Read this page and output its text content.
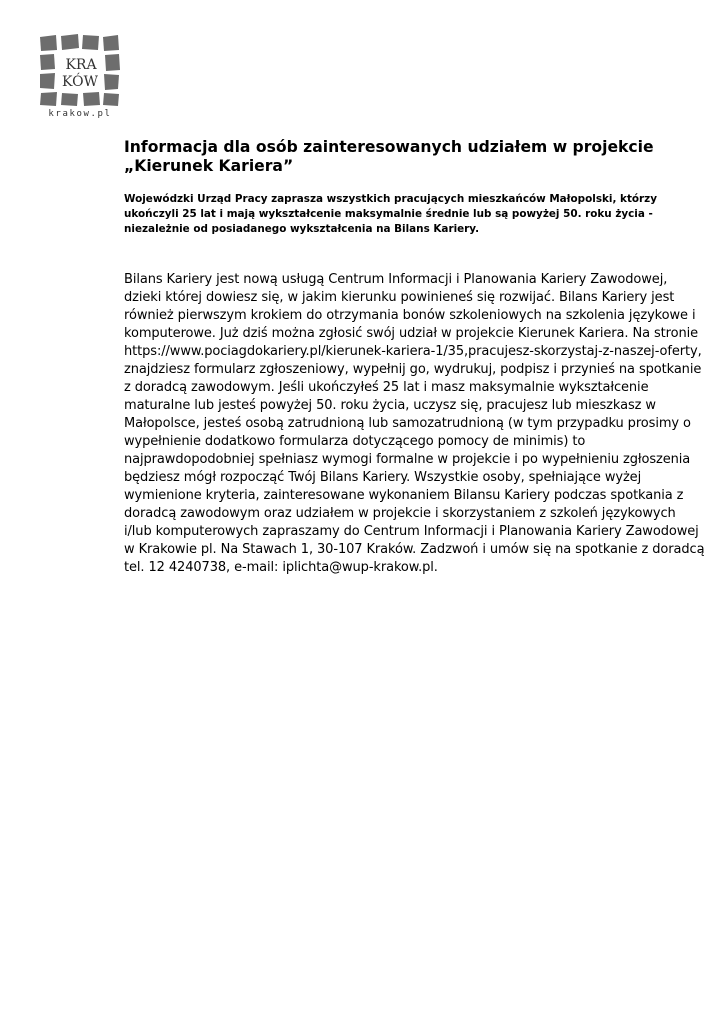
KRA
KÓW
krakow.pl
Informacja dla osób zainteresowanych udziałem w projekcie „Kierunek Kariera”

Wojewódzki Urząd Pracy zaprasza wszystkich pracujących mieszkańców Małopolski, którzy ukończyli 25 lat i mają wykształcenie maksymalnie średnie lub są powyżej 50. roku życia - niezależnie od posiadanego wykształcenia na Bilans Kariery.

Bilans Kariery jest nową usługą Centrum Informacji i Planowania Kariery Zawodowej, dzieki której dowiesz się, w jakim kierunku powinieneś się rozwijać. Bilans Kariery jest również pierwszym krokiem do otrzymania bonów szkoleniowych na szkolenia językowe i komputerowe. Już dziś można zgłosić swój udział w projekcie Kierunek Kariera. Na stronie https://www.pociagdokariery.pl/kierunek-kariera-1/35,pracujesz-skorzystaj-z-naszej-oferty, znajdziesz formularz zgłoszeniowy, wypełnij go, wydrukuj, podpisz i przynieś na spotkanie z doradcą zawodowym. Jeśli ukończyłeś 25 lat i masz maksymalnie wykształcenie maturalne lub jesteś powyżej 50. roku życia, uczysz się, pracujesz lub mieszkasz w Małopolsce, jesteś osobą zatrudnioną lub samozatrudnioną (w tym przypadku prosimy o wypełnienie dodatkowo formularza dotyczącego pomocy de minimis) to najprawdopodobniej spełniasz wymogi formalne w projekcie i po wypełnieniu zgłoszenia będziesz mógł rozpocząć Twój Bilans Kariery. Wszystkie osoby, spełniające wyżej wymienione kryteria, zainteresowane wykonaniem Bilansu Kariery podczas spotkania z doradcą zawodowym oraz udziałem w projekcie i skorzystaniem z szkoleń językowych i/lub komputerowych zapraszamy do Centrum Informacji i Planowania Kariery Zawodowej w Krakowie pl. Na Stawach 1, 30-107 Kraków. Zadzwoń i umów się na spotkanie z doradcą tel. 12 4240738, e-mail: iplichta@wup-krakow.pl.
